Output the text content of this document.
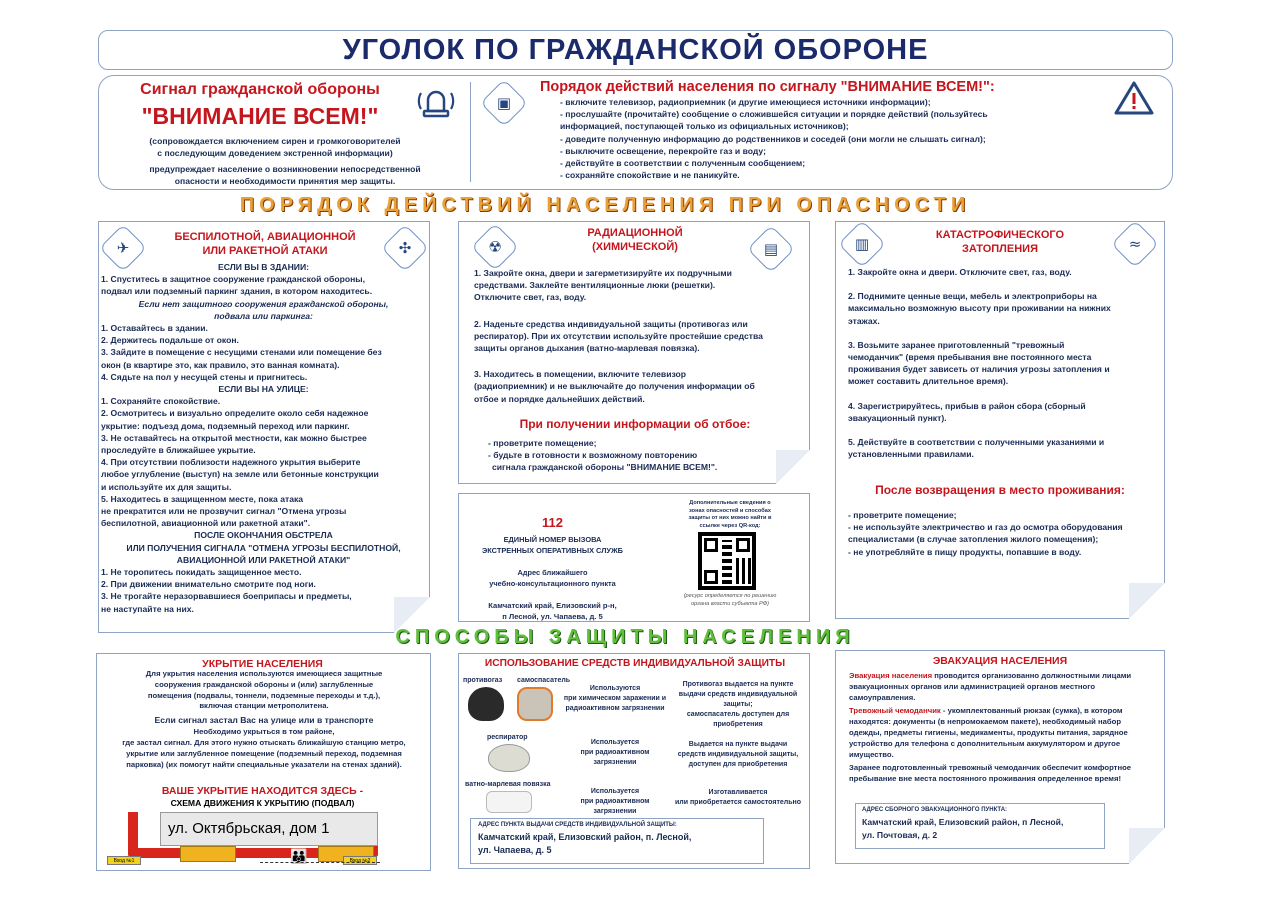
УГОЛОК ПО ГРАЖДАНСКОЙ ОБОРОНЕ
Сигнал гражданской обороны
"ВНИМАНИЕ ВСЕМ!"
(сопровождается включением сирен и громкоговорителей
с последующим доведением экстренной информации)
предупреждает население о возникновении непосредственной
опасности и необходимости принятия мер защиты.
▣
Порядок действий населения по сигналу "ВНИМАНИЕ ВСЕМ!":
- включите телевизор, радиоприемник (и другие имеющиеся источники информации);
- прослушайте (прочитайте) сообщение о сложившейся ситуации и порядке действий (пользуйтесь
информацией, поступающей только из официальных источников);
- доведите полученную информацию до родственников и соседей (они могли не слышать сигнал);
- выключите освещение, перекройте газ и воду;
- действуйте в соответствии с полученным сообщением;
- сохраняйте спокойствие и не паникуйте.
ПОРЯДОК ДЕЙСТВИЙ НАСЕЛЕНИЯ ПРИ ОПАСНОСТИ
✈	✣
БЕСПИЛОТНОЙ, АВИАЦИОННОЙ
ИЛИ РАКЕТНОЙ АТАКИ
ЕСЛИ ВЫ В ЗДАНИИ:
1. Спуститесь в защитное сооружение гражданской обороны,
подвал или подземный паркинг здания, в котором находитесь.
Если нет защитного сооружения гражданской обороны,
подвала или паркинга:
1. Оставайтесь в здании.
2. Держитесь подальше от окон.
3. Зайдите в помещение с несущими стенами или помещение без
окон (в квартире это, как правило, это ванная комната).
4. Сядьте на пол у несущей стены и пригнитесь.
ЕСЛИ ВЫ НА УЛИЦЕ:
1. Сохраняйте спокойствие.
2. Осмотритесь и визуально определите около себя надежное
укрытие: подъезд дома, подземный переход или паркинг.
3. Не оставайтесь на открытой местности, как можно быстрее
проследуйте в ближайшее укрытие.
4. При отсутствии поблизости надежного укрытия выберите
любое углубление (выступ) на земле или бетонные конструкции
и используйте их для защиты.
5. Находитесь в защищенном месте, пока атака
не прекратится или не прозвучит сигнал "Отмена угрозы
беспилотной, авиационной или ракетной атаки".
ПОСЛЕ ОКОНЧАНИЯ ОБСТРЕЛА
ИЛИ ПОЛУЧЕНИЯ СИГНАЛА "ОТМЕНА УГРОЗЫ БЕСПИЛОТНОЙ,
АВИАЦИОННОЙ ИЛИ РАКЕТНОЙ АТАКИ"
1. Не торопитесь покидать защищенное место.
2. При движении внимательно смотрите под ноги.
3. Не трогайте неразорвавшиеся боеприпасы и предметы,
не наступайте на них.
☢	▤
РАДИАЦИОННОЙ
(ХИМИЧЕСКОЙ)
1. Закройте окна, двери и загерметизируйте их подручными
средствами. Заклейте вентиляционные люки (решетки).
Отключите свет, газ, воду.
2. Наденьте средства индивидуальной защиты (противогаз или
респиратор). При их отсутствии используйте простейшие средства
защиты органов дыхания (ватно-марлевая повязка).
3. Находитесь в помещении, включите телевизор
(радиоприемник) и не выключайте до получения информации об
отбое и порядке дальнейших действий.
При получении информации об отбое:
- проветрите помещение;
- будьте в готовности к возможному повторению
сигнала гражданской обороны "ВНИМАНИЕ ВСЕМ!".
112
ЕДИНЫЙ НОМЕР ВЫЗОВА
ЭКСТРЕННЫХ ОПЕРАТИВНЫХ СЛУЖБ
Адрес ближайшего
учебно-консультационного пункта
Камчатский край, Елизовский р-н,
п Лесной, ул. Чапаева, д. 5
Дополнительные сведения о
зонах опасностей и способах
защиты от них можно найти в
ссылке через QR-код:
(ресурс определяется по решению
органа власти субъекта РФ)
▥	≈
КАТАСТРОФИЧЕСКОГО
ЗАТОПЛЕНИЯ
1. Закройте окна и двери. Отключите свет, газ, воду.
2. Поднимите ценные вещи, мебель и электроприборы на
максимально возможную высоту при проживании на нижних
этажах.
3. Возьмите заранее приготовленный "тревожный
чемоданчик" (время пребывания вне постоянного места
проживания будет зависеть от наличия угрозы затопления и
может составить длительное время).
4. Зарегистрируйтесь, прибыв в район сбора (сборный
эвакуационный пункт).
5. Действуйте в соответствии с полученными указаниями и
установленными правилами.
После возвращения в место проживания:
- проветрите помещение;
- не используйте электричество и газ до осмотра оборудования
специалистами (в случае затопления жилого помещения);
- не употребляйте в пищу продукты, попавшие в воду.
СПОСОБЫ ЗАЩИТЫ НАСЕЛЕНИЯ
УКРЫТИЕ НАСЕЛЕНИЯ
Для укрытия населения используются имеющиеся защитные
сооружения гражданской обороны и (или) заглубленные
помещения (подвалы, тоннели, подземные переходы и т.д.),
включая станции метрополитена.
Если сигнал застал Вас на улице или в транспорте
Необходимо укрыться в том районе,
где застал сигнал. Для этого нужно отыскать ближайшую станцию метро,
укрытие или заглубленное помещение (подземный переход, подземная
парковка) (их помогут найти специальные указатели на стенах зданий).
ВАШЕ УКРЫТИЕ НАХОДИТСЯ ЗДЕСЬ -
СХЕМА ДВИЖЕНИЯ К УКРЫТИЮ (ПОДВАЛ)
ул. Октябрьская, дом 1
Вход №1	Вход №2
👪
ИСПОЛЬЗОВАНИЕ СРЕДСТВ ИНДИВИДУАЛЬНОЙ ЗАЩИТЫ
противогаз самоспасатель
Используются
при химическом заражении и
радиоактивном загрязнении
Противогаз выдается на пункте
выдачи средств индивидуальной
защиты;
самоспасатель доступен для
приобретения
респиратор
Используется
при радиоактивном
загрязнении
Выдается на пункте выдачи
средств индивидуальной защиты,
доступен для приобретения
ватно-марлевая повязка
Используется
при радиоактивном
загрязнении
Изготавливается
или приобретается самостоятельно
АДРЕС ПУНКТА ВЫДАЧИ СРЕДСТВ ИНДИВИДУАЛЬНОЙ ЗАЩИТЫ:
Камчатский край, Елизовский район, п. Лесной,
ул. Чапаева, д. 5
ЭВАКУАЦИЯ НАСЕЛЕНИЯ
Эвакуация населения проводится организованно должностными лицами
эвакуационных органов или администрацией органов местного
самоуправления.
Тревожный чемоданчик - укомплектованный рюкзак (сумка), в котором
находятся: документы (в непромокаемом пакете), необходимый набор
одежды, предметы гигиены, медикаменты, продукты питания, зарядное
устройство для телефона с дополнительным аккумулятором и другое
имущество.
Заранее подготовленный тревожный чемоданчик обеспечит комфортное
пребывание вне места постоянного проживания определенное время!
АДРЕС СБОРНОГО ЭВАКУАЦИОННОГО ПУНКТА:
Камчатский край, Елизовский район, п Лесной,
ул. Почтовая, д. 2
